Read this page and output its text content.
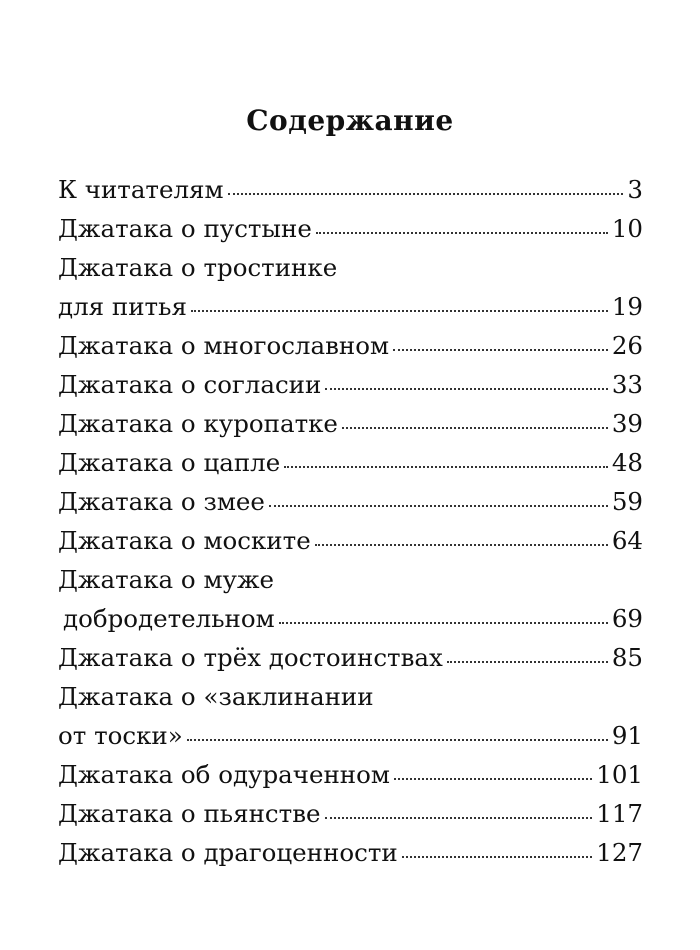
Содержание
К читателям	3
Джатака о пустыне	10
Джатака о тростинке
для питья	19
Джатака о многославном	26
Джатака о согласии	33
Джатака о куропатке	39
Джатака о цапле	48
Джатака о змее	59
Джатака о моските	64
Джатака о муже
добродетельном	69
Джатака о трёх достоинствах	85
Джатака о «заклинании
от тоски»	91
Джатака об одураченном	101
Джатака о пьянстве	117
Джатака о драгоценности	127
